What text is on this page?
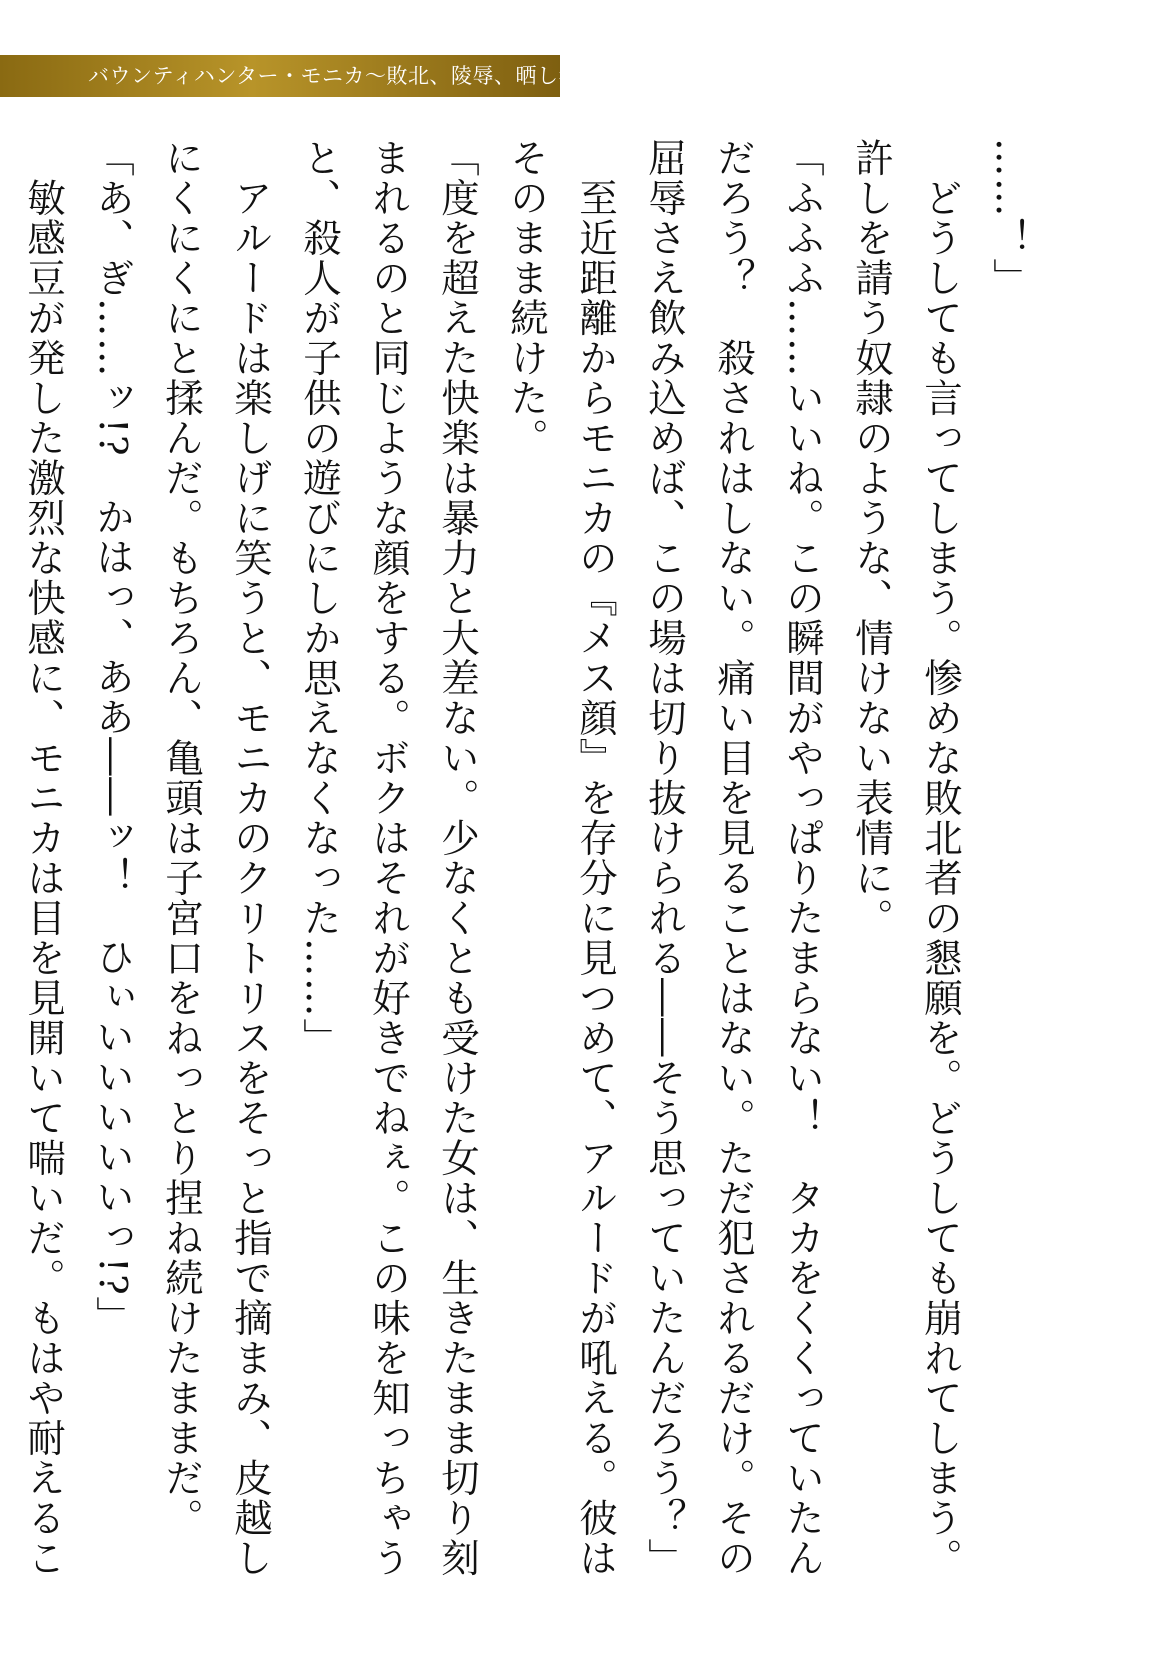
バウンティハンター・モニカ〜敗北、陵辱、晒し者〜

……！」

　どうしても言ってしまう。惨めな敗北者の懇願を。どうしても崩れてしまう。

許しを請う奴隷のような、情けない表情に。

「ふふふ……いいね。この瞬間がやっぱりたまらない！　タカをくくっていたん

だろう？　殺されはしない。痛い目を見ることはない。ただ犯されるだけ。その

屈辱さえ飲み込めば、この場は切り抜けられる――そう思っていたんだろう？」

　至近距離からモニカの『メス顔』を存分に見つめて、アルードが吼える。彼は

そのまま続けた。

「度を超えた快楽は暴力と大差ない。少なくとも受けた女は、生きたまま切り刻

まれるのと同じような顔をする。ボクはそれが好きでねぇ。この味を知っちゃう

と、殺人が子供の遊びにしか思えなくなった……」

　アルードは楽しげに笑うと、モニカのクリトリスをそっと指で摘まみ、皮越し

にくにくにと揉んだ。もちろん、亀頭は子宮口をねっとり捏ね続けたままだ。

「あ、ぎ……ッ!?　かはっ、ああ――ッ！　ひぃいいいいいっ!?」

　敏感豆が発した激烈な快感に、モニカは目を見開いて喘いだ。もはや耐えるこ
